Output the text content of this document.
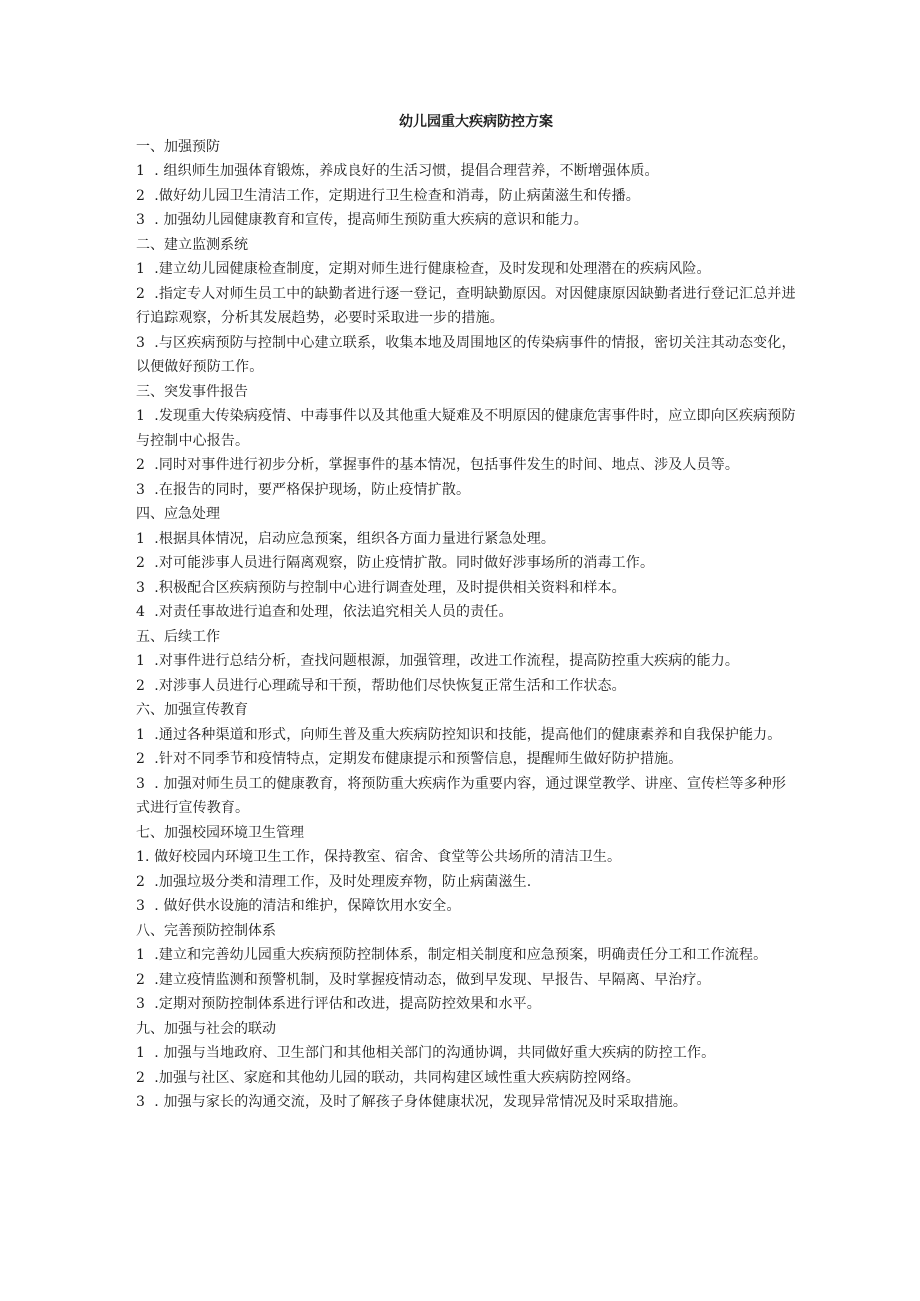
幼儿园重大疾病防控方案

一、加强预防

1  . 组织师生加强体育锻炼，养成良好的生活习惯，提倡合理营养，不断增强体质。

2  .做好幼儿园卫生清洁工作，定期进行卫生检查和消毒，防止病菌滋生和传播。

3  . 加强幼儿园健康教育和宣传，提高师生预防重大疾病的意识和能力。

二、建立监测系统

1  .建立幼儿园健康检查制度，定期对师生进行健康检查，及时发现和处理潜在的疾病风险。

2  .指定专人对师生员工中的缺勤者进行逐一登记，查明缺勤原因。对因健康原因缺勤者进行登记汇总并进行追踪观察，分析其发展趋势，必要时采取进一步的措施。

3  .与区疾病预防与控制中心建立联系，收集本地及周围地区的传染病事件的情报，密切关注其动态变化，以便做好预防工作。

三、突发事件报告

1  .发现重大传染病疫情、中毒事件以及其他重大疑难及不明原因的健康危害事件时，应立即向区疾病预防与控制中心报告。

2  .同时对事件进行初步分析，掌握事件的基本情况，包括事件发生的时间、地点、涉及人员等。

3  .在报告的同时，要严格保护现场，防止疫情扩散。

四、应急处理

1  .根据具体情况，启动应急预案，组织各方面力量进行紧急处理。

2  .对可能涉事人员进行隔离观察，防止疫情扩散。同时做好涉事场所的消毒工作。

3  .积极配合区疾病预防与控制中心进行调查处理，及时提供相关资料和样本。

4  .对责任事故进行追查和处理，依法追究相关人员的责任。

五、后续工作

1  .对事件进行总结分析，查找问题根源，加强管理，改进工作流程，提高防控重大疾病的能力。

2  .对涉事人员进行心理疏导和干预，帮助他们尽快恢复正常生活和工作状态。

六、加强宣传教育

1  .通过各种渠道和形式，向师生普及重大疾病防控知识和技能，提高他们的健康素养和自我保护能力。

2  .针对不同季节和疫情特点，定期发布健康提示和预警信息，提醒师生做好防护措施。

3  . 加强对师生员工的健康教育，将预防重大疾病作为重要内容，通过课堂教学、讲座、宣传栏等多种形式进行宣传教育。

七、加强校园环境卫生管理

1. 做好校园内环境卫生工作，保持教室、宿舍、食堂等公共场所的清洁卫生。

2  .加强垃圾分类和清理工作，及时处理废弃物，防止病菌滋生.

3  . 做好供水设施的清洁和维护，保障饮用水安全。

八、完善预防控制体系

1  .建立和完善幼儿园重大疾病预防控制体系，制定相关制度和应急预案，明确责任分工和工作流程。

2  .建立疫情监测和预警机制，及时掌握疫情动态，做到早发现、早报告、早隔离、早治疗。

3  .定期对预防控制体系进行评估和改进，提高防控效果和水平。

九、加强与社会的联动

1  . 加强与当地政府、卫生部门和其他相关部门的沟通协调，共同做好重大疾病的防控工作。

2  .加强与社区、家庭和其他幼儿园的联动，共同构建区域性重大疾病防控网络。

3  . 加强与家长的沟通交流，及时了解孩子身体健康状况，发现异常情况及时采取措施。
